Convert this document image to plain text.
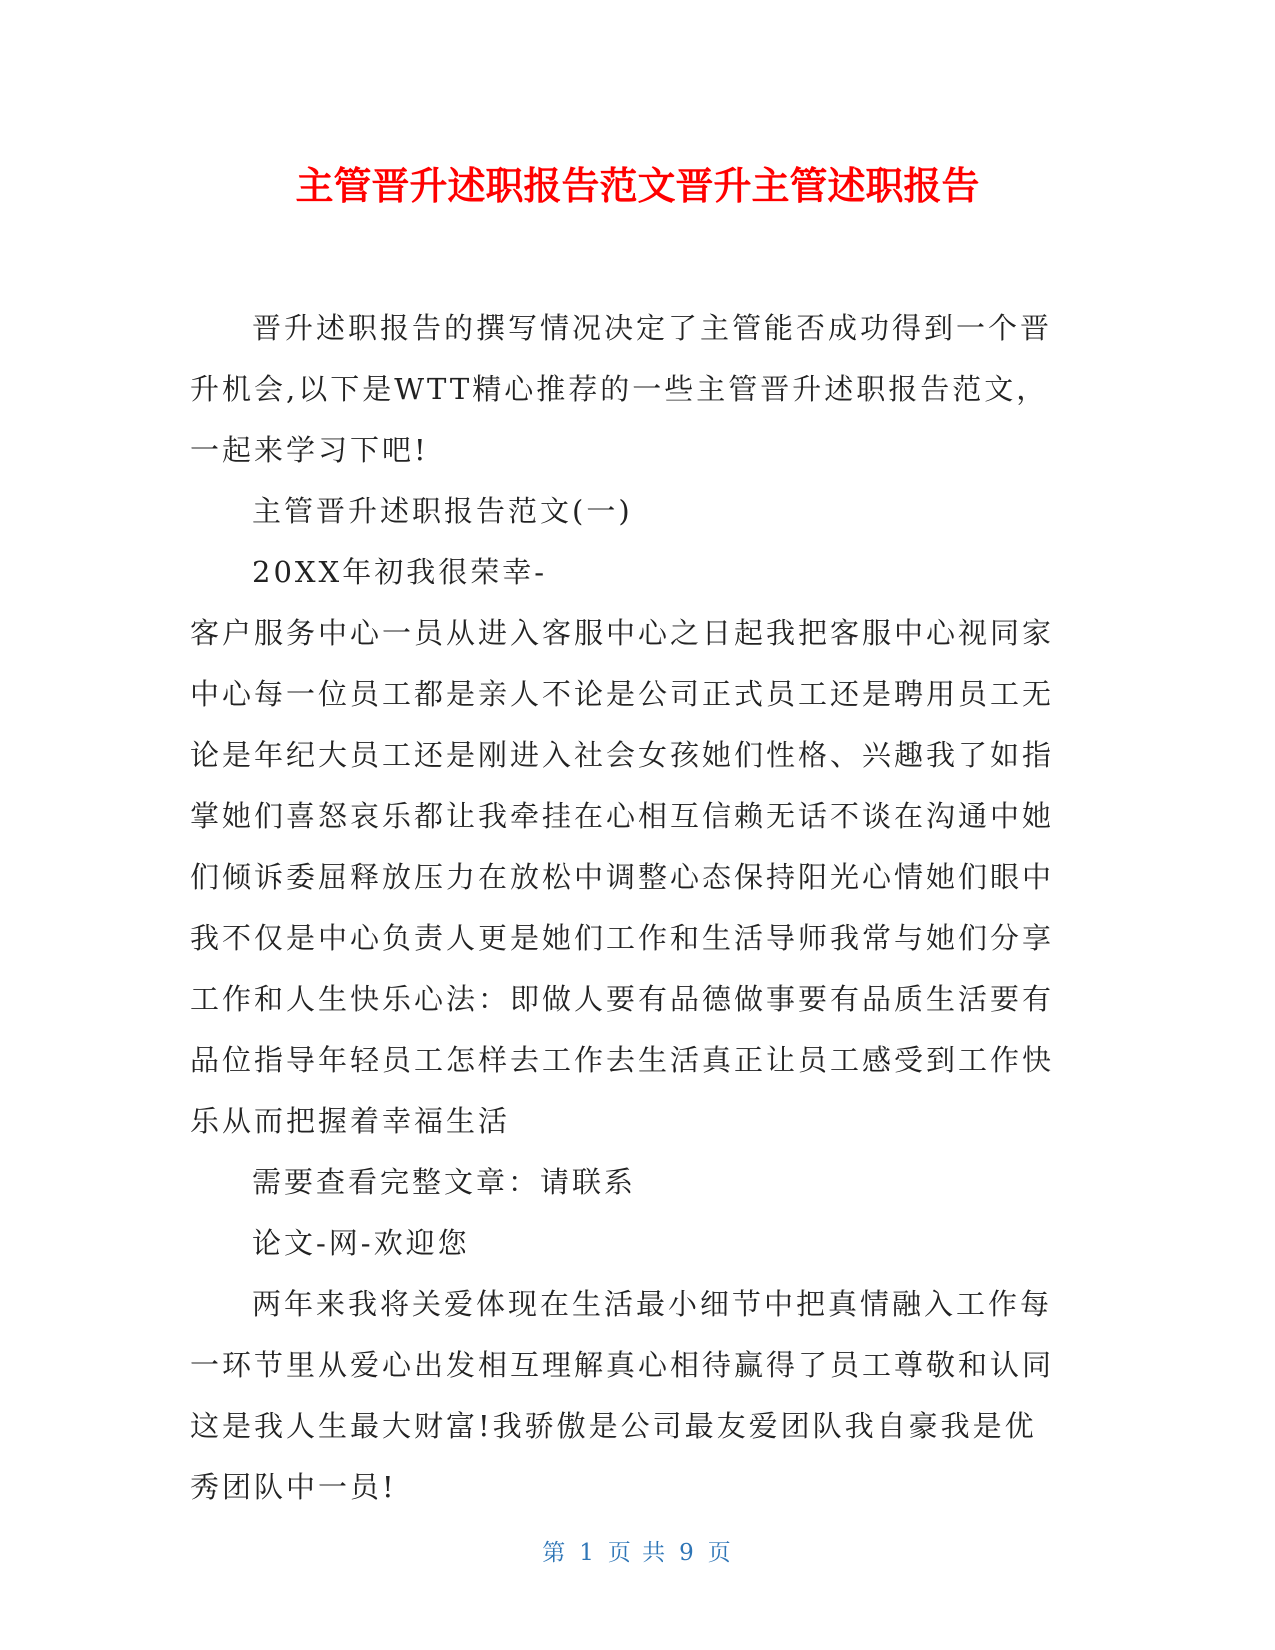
主管晋升述职报告范文晋升主管述职报告

晋升述职报告的撰写情况决定了主管能否成功得到一个晋升机会,以下是WTT精心推荐的一些主管晋升述职报告范文，一起来学习下吧!

主管晋升述职报告范文(一)

20XX年初我很荣幸-

客户服务中心一员从进入客服中心之日起我把客服中心视同家中心每一位员工都是亲人不论是公司正式员工还是聘用员工无论是年纪大员工还是刚进入社会女孩她们性格、兴趣我了如指掌她们喜怒哀乐都让我牵挂在心相互信赖无话不谈在沟通中她们倾诉委屈释放压力在放松中调整心态保持阳光心情她们眼中我不仅是中心负责人更是她们工作和生活导师我常与她们分享工作和人生快乐心法：即做人要有品德做事要有品质生活要有品位指导年轻员工怎样去工作去生活真正让员工感受到工作快乐从而把握着幸福生活

需要查看完整文章：请联系

论文-网-欢迎您

两年来我将关爱体现在生活最小细节中把真情融入工作每一环节里从爱心出发相互理解真心相待赢得了员工尊敬和认同这是我人生最大财富!我骄傲是公司最友爱团队我自豪我是优秀团队中一员!

第 1 页 共 9 页
